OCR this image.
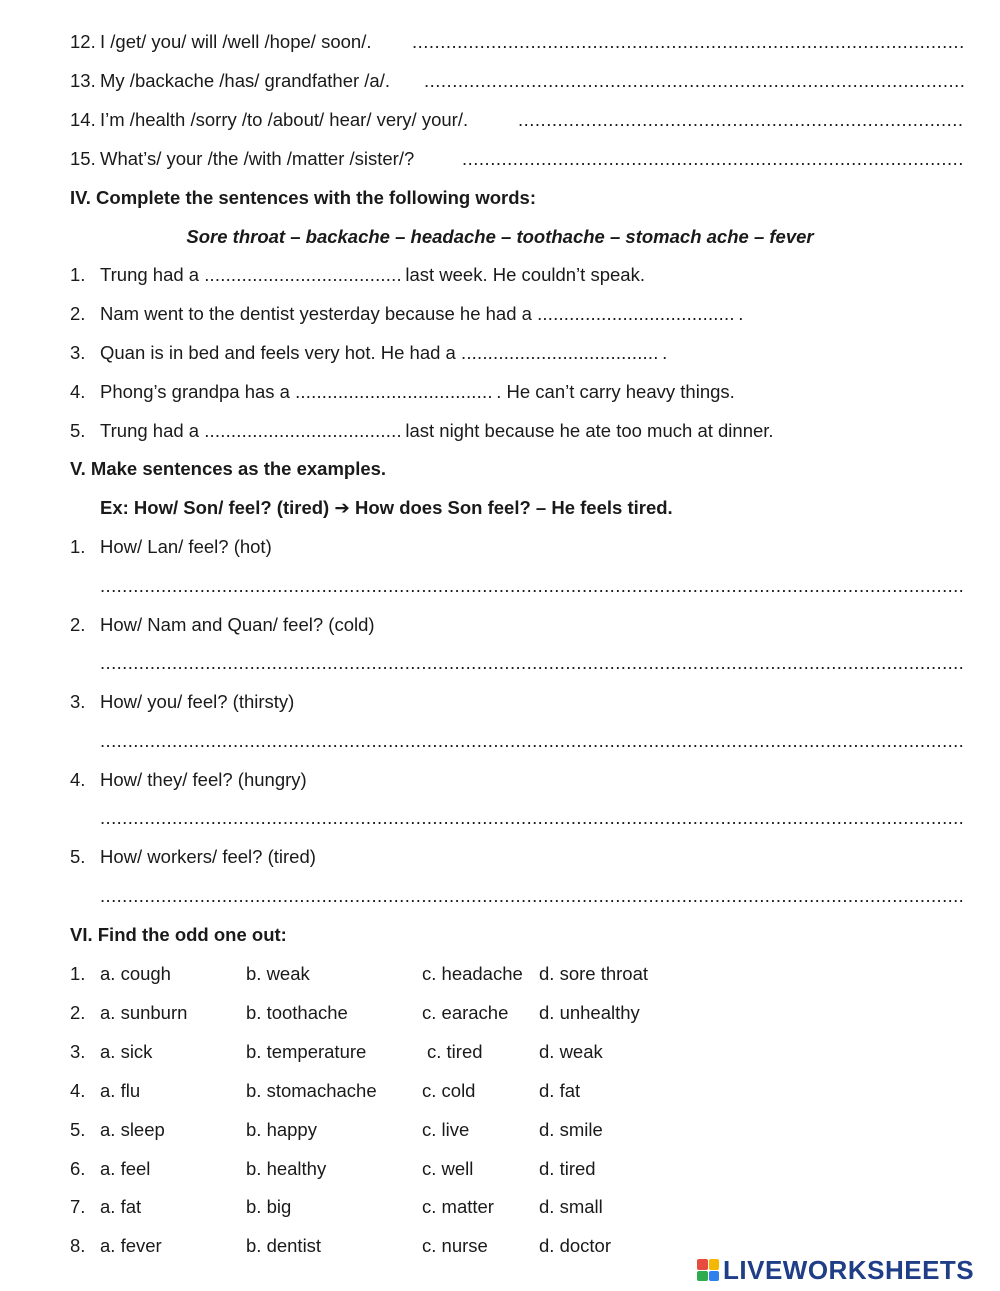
12. I /get/ you/ will /well /hope/ soon/.
.....
13. My /backache /has/ grandfather /a/.
.....
14. I’m /health /sorry /to /about/ hear/ very/ your/.
.....
15. What’s/ your /the /with /matter /sister/?
.....
IV. Complete the sentences with the following words:
Sore throat – backache – headache – toothache – stomach ache – fever
1. Trung had a .....	last week. He couldn’t speak.
2. Nam went to the dentist yesterday because he had a .....	.
3. Quan is in bed and feels very hot. He had a .....	.
4. Phong’s grandpa has a .....	. He can’t carry heavy things.
5. Trung had a .....	last night because he ate too much at dinner.
V. Make sentences as the examples.
Ex: How/ Son/ feel? (tired) ➔ How does Son feel? – He feels tired.
1. How/ Lan/ feel? (hot)
.....
2. How/ Nam and Quan/ feel? (cold)
.....
3. How/ you/ feel? (thirsty)
.....
4. How/ they/ feel? (hungry)
.....
5. How/ workers/ feel? (tired)
.....
VI. Find the odd one out:
1. a. cough	b. weak	c. headache d. sore throat
2. a. sunburn	b. toothache	c. earache d. unhealthy
3. a. sick	b. temperature	c. tired	d. weak
4. a. flu	b. stomachache c. cold	d. fat
5. a. sleep	b. happy	c. live	d. smile
6. a. feel	b. healthy	c. well	d. tired
7. a. fat	b. big	c. matter d. small
8. a. fever	b. dentist	c. nurse	d. doctor
LIVEWORKSHEETS
